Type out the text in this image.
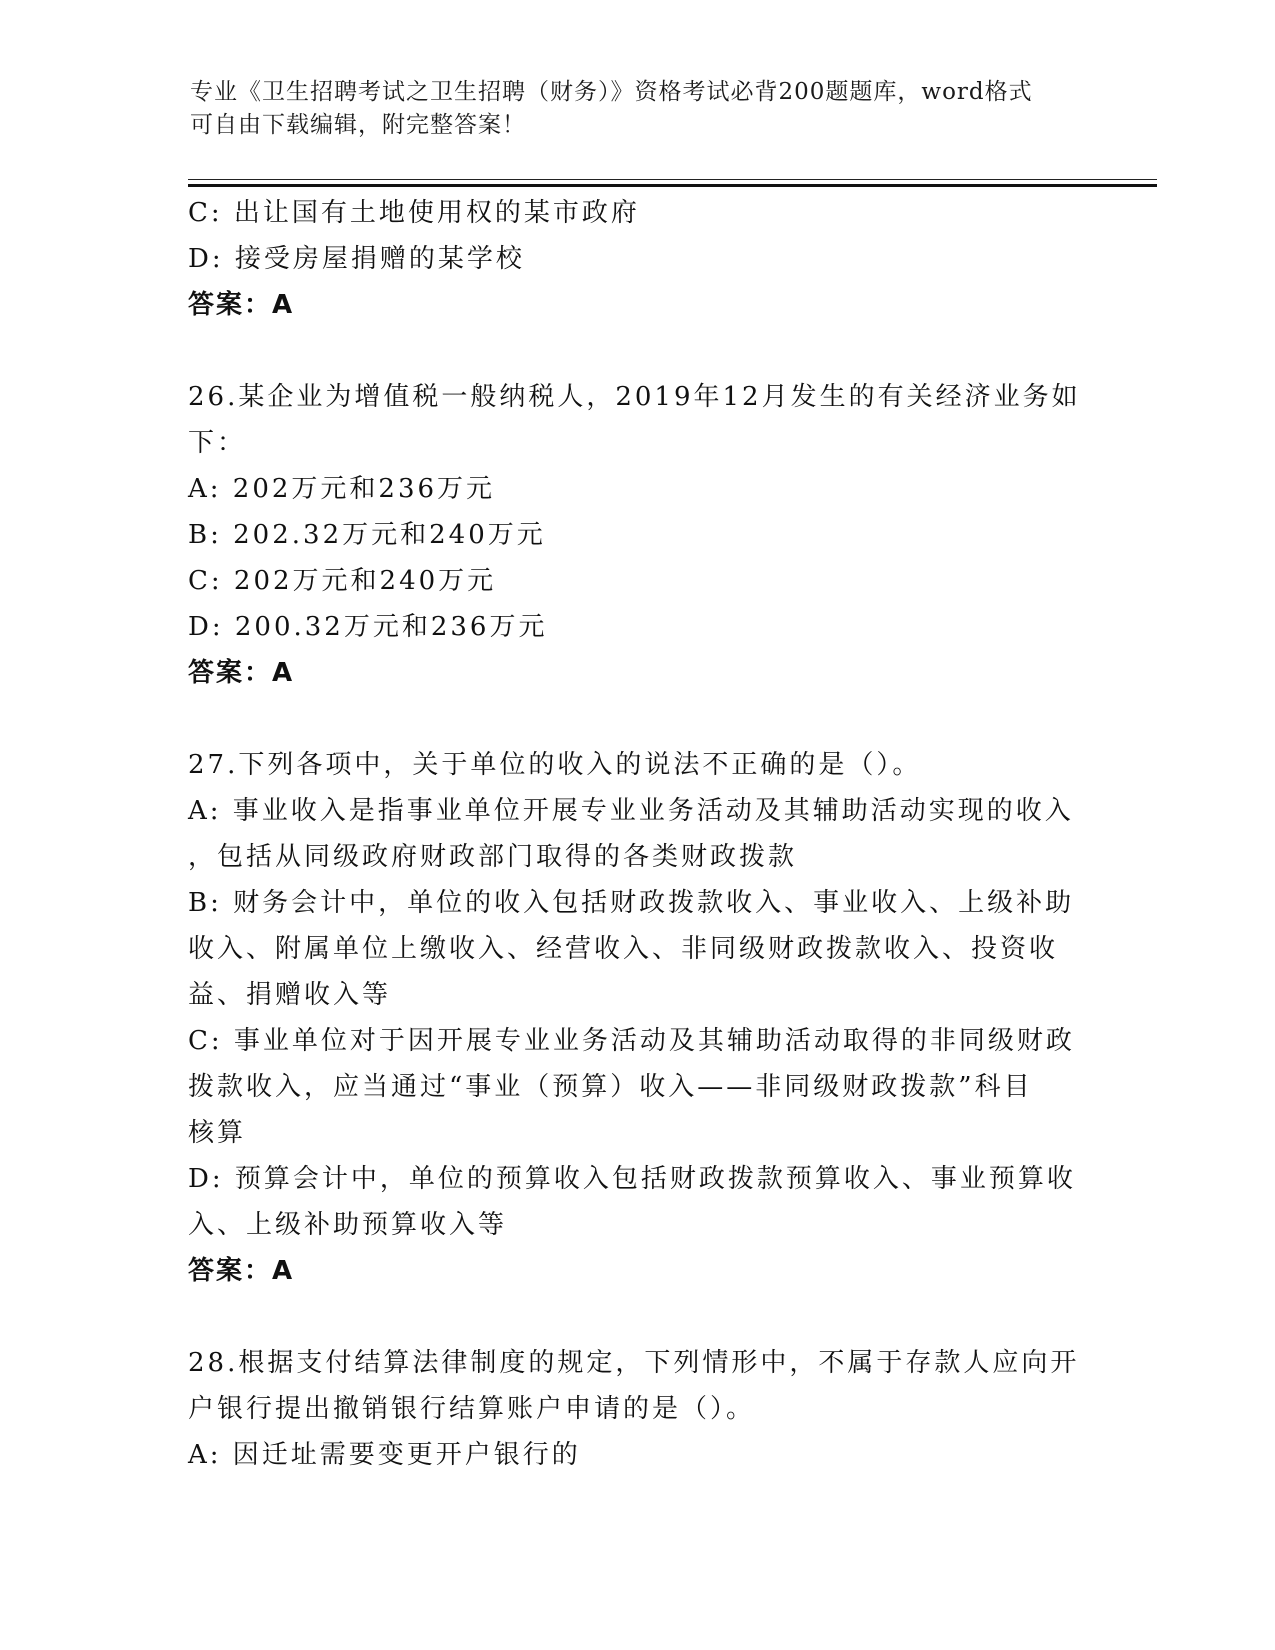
专业《卫生招聘考试之卫生招聘（财务）》资格考试必背200题题库，word格式
可自由下载编辑，附完整答案！
C: 出让国有土地使用权的某市政府
D: 接受房屋捐赠的某学校
答案：A
26.某企业为增值税一般纳税人，2019年12月发生的有关经济业务如
下：
A: 202万元和236万元
B: 202.32万元和240万元
C: 202万元和240万元
D: 200.32万元和236万元
答案：A
27.下列各项中，关于单位的收入的说法不正确的是（）。
A: 事业收入是指事业单位开展专业业务活动及其辅助活动实现的收入
，包括从同级政府财政部门取得的各类财政拨款
B: 财务会计中，单位的收入包括财政拨款收入、事业收入、上级补助
收入、附属单位上缴收入、经营收入、非同级财政拨款收入、投资收
益、捐赠收入等
C: 事业单位对于因开展专业业务活动及其辅助活动取得的非同级财政
拨款收入，应当通过“事业（预算）收入——非同级财政拨款”科目
核算
D: 预算会计中，单位的预算收入包括财政拨款预算收入、事业预算收
入、上级补助预算收入等
答案：A
28.根据支付结算法律制度的规定，下列情形中，不属于存款人应向开
户银行提出撤销银行结算账户申请的是（）。
A: 因迁址需要变更开户银行的
